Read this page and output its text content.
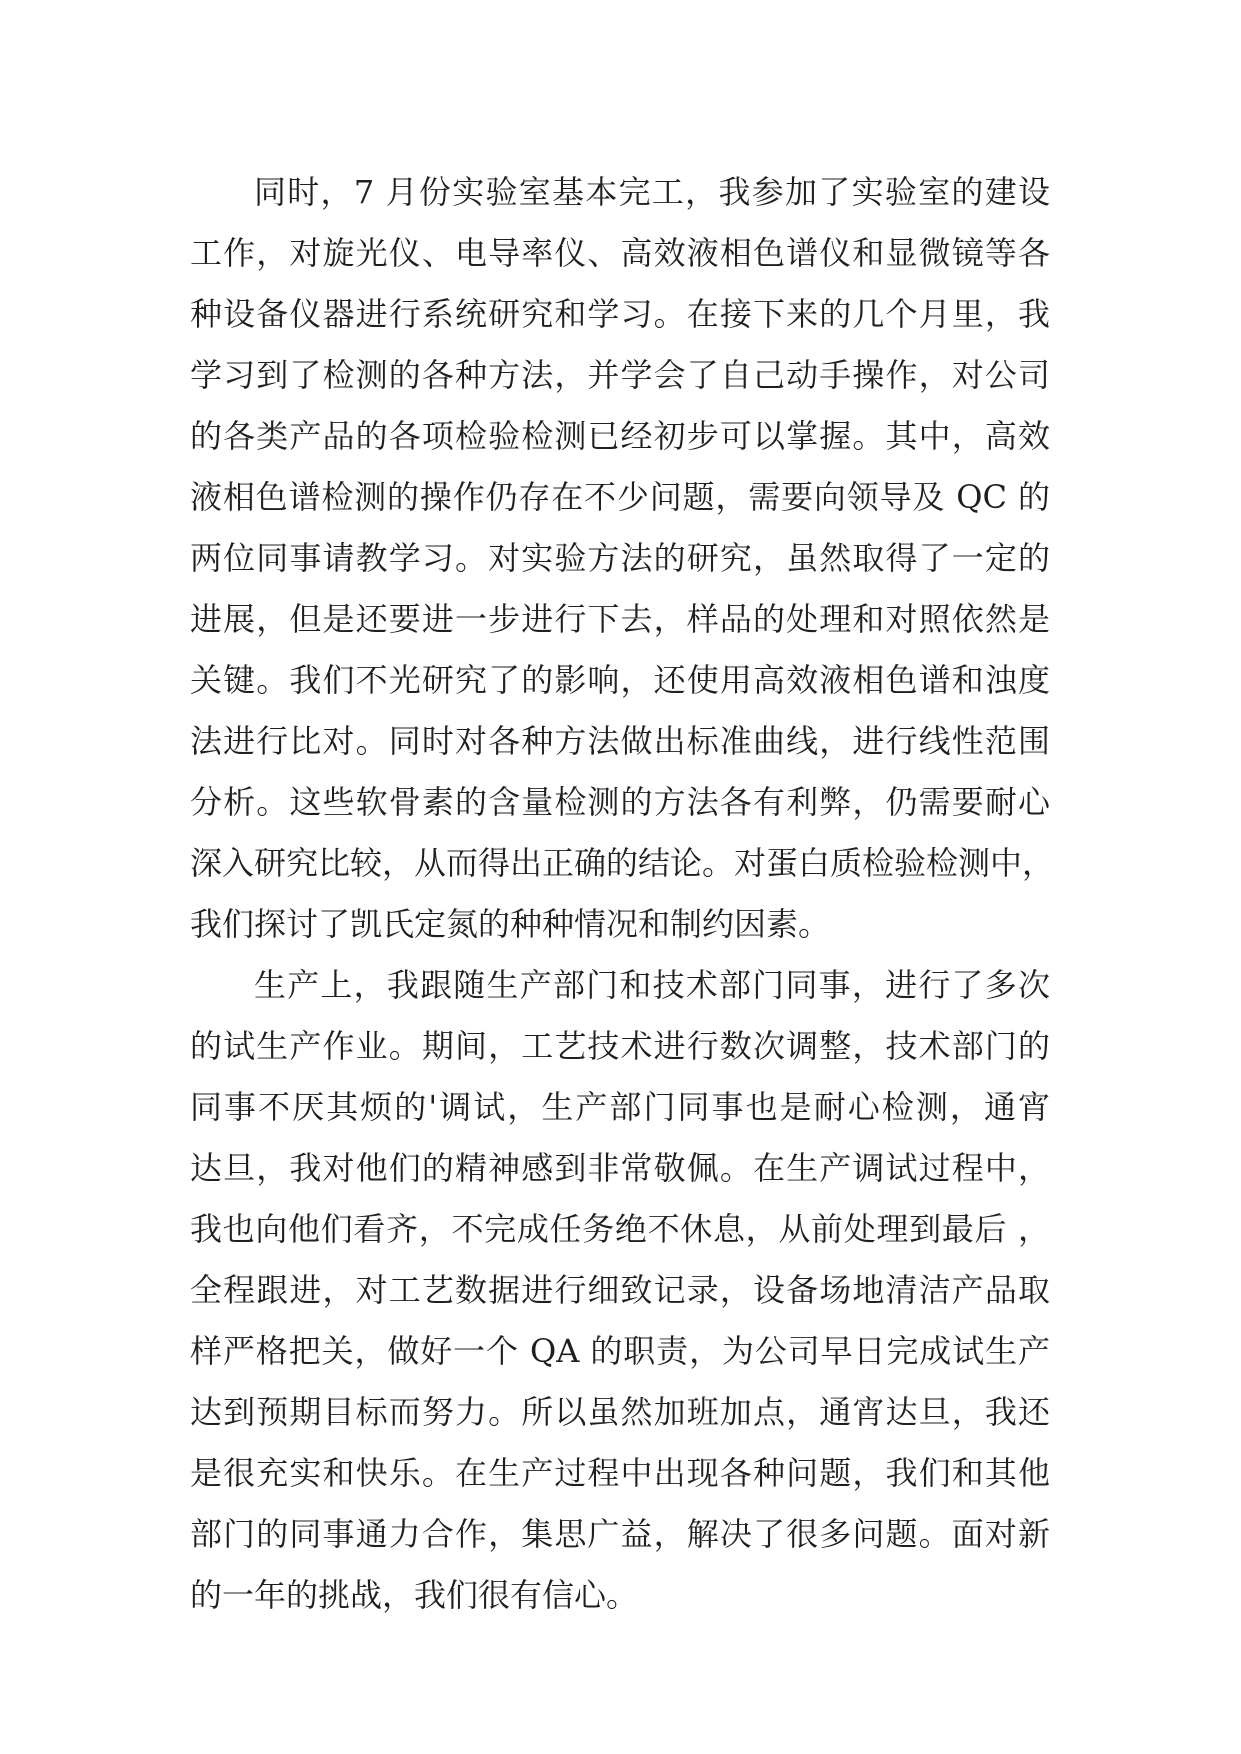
同时，7 月份实验室基本完工，我参加了实验室的建设
工作，对旋光仪、电导率仪、高效液相色谱仪和显微镜等各
种设备仪器进行系统研究和学习。在接下来的几个月里，我
学习到了检测的各种方法，并学会了自己动手操作，对公司
的各类产品的各项检验检测已经初步可以掌握。其中，高效
液相色谱检测的操作仍存在不少问题，需要向领导及 QC 的
两位同事请教学习。对实验方法的研究，虽然取得了一定的
进展，但是还要进一步进行下去，样品的处理和对照依然是
关键。我们不光研究了的影响，还使用高效液相色谱和浊度
法进行比对。同时对各种方法做出标准曲线，进行线性范围
分析。这些软骨素的含量检测的方法各有利弊，仍需要耐心
深入研究比较，从而得出正确的结论。对蛋白质检验检测中，
我们探讨了凯氏定氮的种种情况和制约因素。
生产上，我跟随生产部门和技术部门同事，进行了多次
的试生产作业。期间，工艺技术进行数次调整，技术部门的
同事不厌其烦的'调试，生产部门同事也是耐心检测，通宵
达旦，我对他们的精神感到非常敬佩。在生产调试过程中，
我也向他们看齐，不完成任务绝不休息，从前处理到最后 ，
全程跟进，对工艺数据进行细致记录，设备场地清洁产品取
样严格把关，做好一个 QA 的职责，为公司早日完成试生产
达到预期目标而努力。所以虽然加班加点，通宵达旦，我还
是很充实和快乐。在生产过程中出现各种问题，我们和其他
部门的同事通力合作，集思广益，解决了很多问题。面对新
的一年的挑战，我们很有信心。
